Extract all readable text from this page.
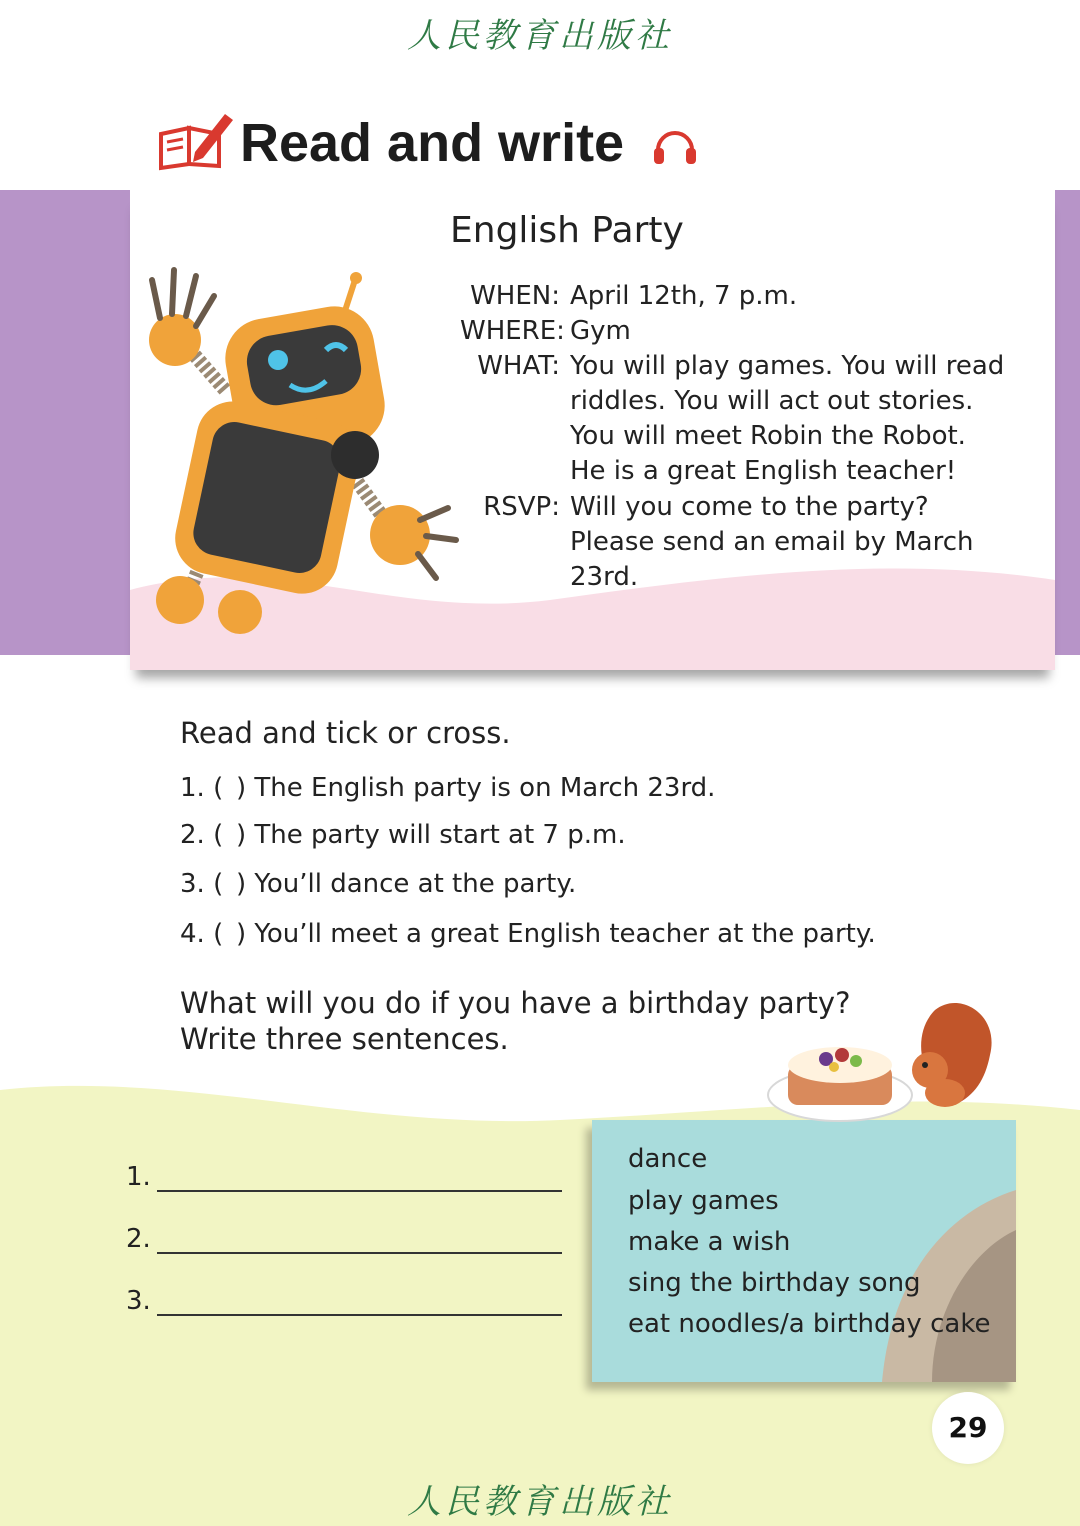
人民教育出版社
Read and write
English Party
WHEN: April 12th, 7 p.m.
WHERE: Gym
WHAT: You will play games. You will read
riddles. You will act out stories.
You will meet Robin the Robot.
He is a great English teacher!
RSVP: Will you come to the party?
Please send an email by March
23rd.
Read and tick or cross.
1. ( ) The English party is on March 23rd.
2. ( ) The party will start at 7 p.m.
3. ( ) You’ll dance at the party.
4. ( ) You’ll meet a great English teacher at the party.
What will you do if you have a birthday party?
Write three sentences.
1.
2.
3.
dance
play games
make a wish
sing the birthday song
eat noodles/a birthday cake
29
人民教育出版社
